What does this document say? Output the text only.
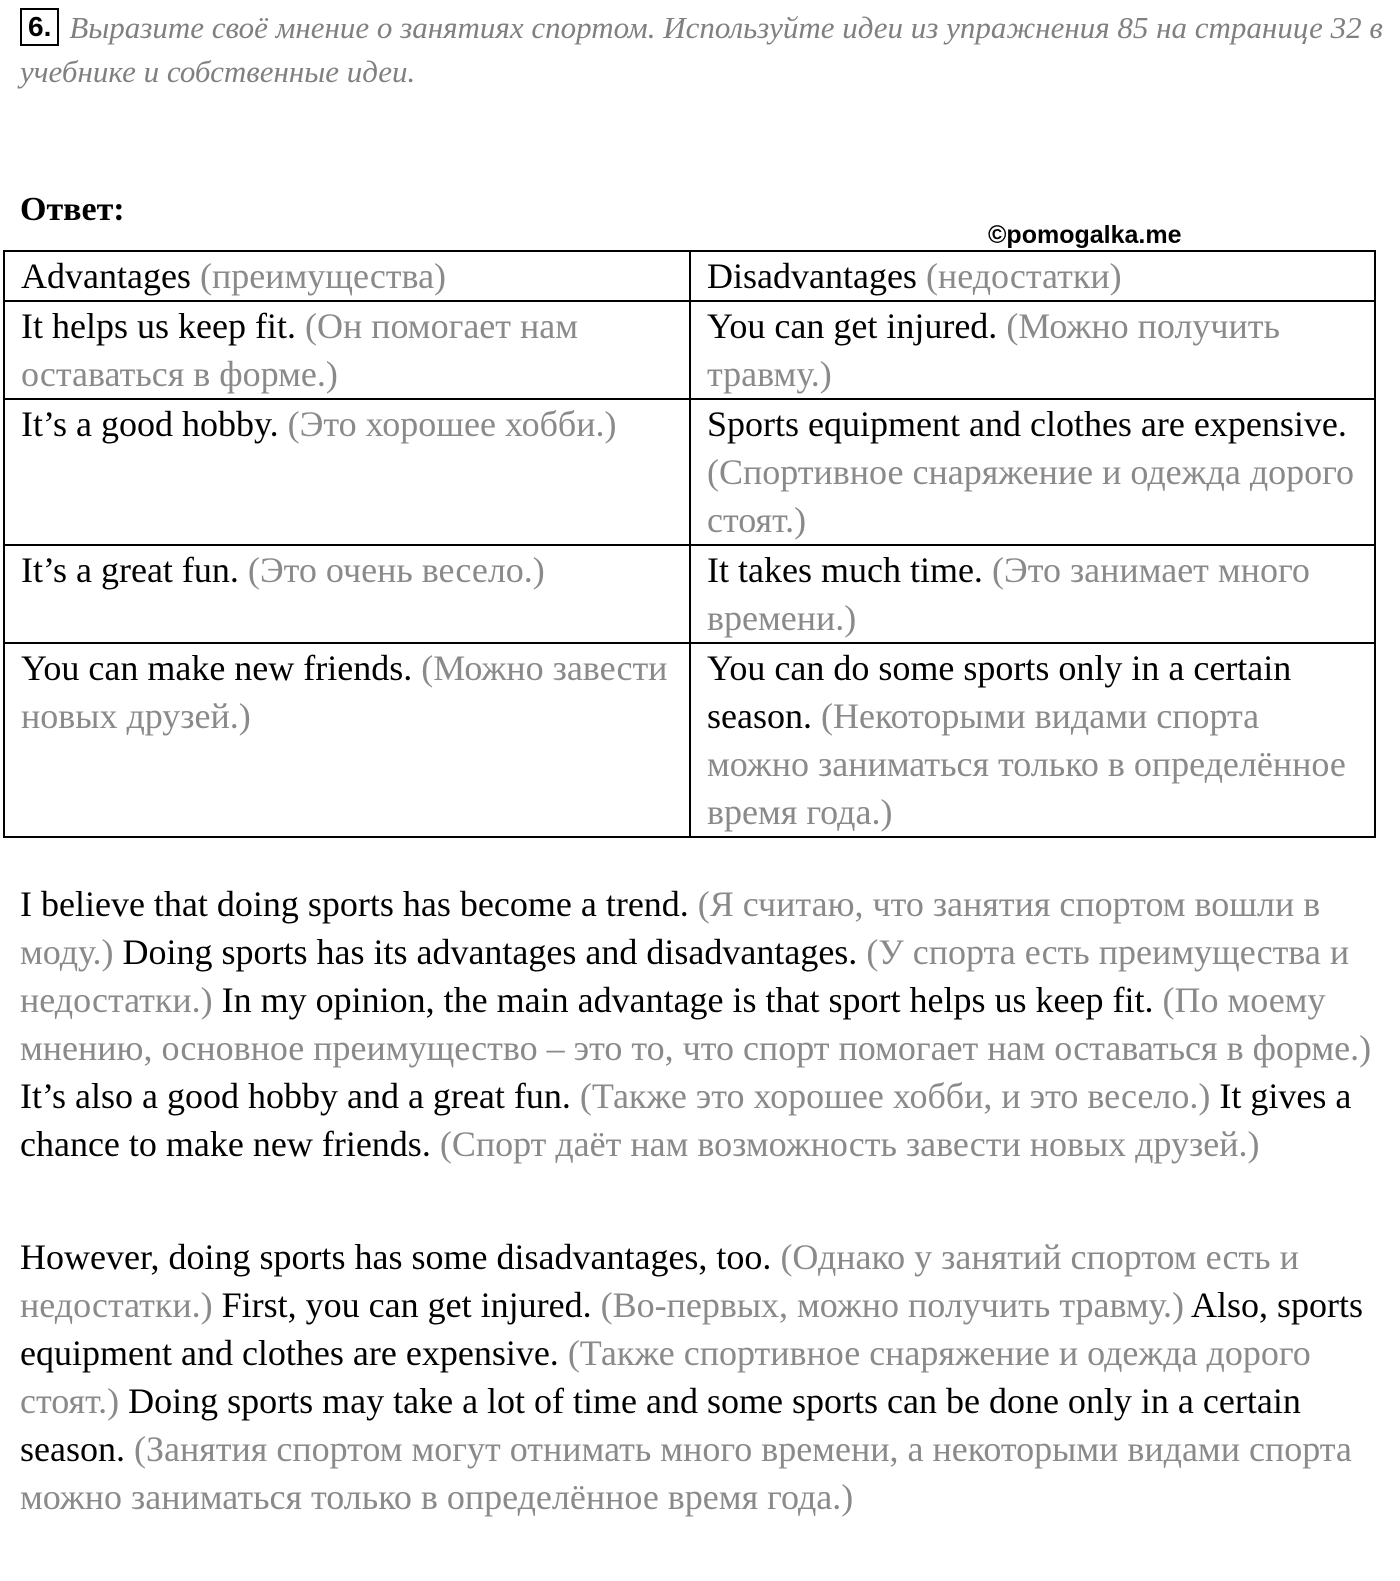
6. Выразите своё мнение о занятиях спортом. Используйте идеи из упражнения 85 на странице 32 в учебнике и собственные идеи.
Ответ:
©pomogalka.me
Advantages (преимущества)	Disadvantages (недостатки)
It helps us keep fit. (Он помогает нам оставаться в форме.)	You can get injured. (Можно получить травму.)
It’s a good hobby. (Это хорошее хобби.)	Sports equipment and clothes are expensive. (Спортивное снаряжение и одежда дорого стоят.)
It’s a great fun. (Это очень весело.)	It takes much time. (Это занимает много времени.)
You can make new friends. (Можно завести новых друзей.)	You can do some sports only in a certain season. (Некоторыми видами спорта можно заниматься только в определённое время года.)

I believe that doing sports has become a trend. (Я считаю, что занятия спортом вошли в моду.) Doing sports has its advantages and disadvantages. (У спорта есть преимущества и недостатки.) In my opinion, the main advantage is that sport helps us keep fit. (По моему мнению, основное преимущество – это то, что спорт помогает нам оставаться в форме.) It’s also a good hobby and a great fun. (Также это хорошее хобби, и это весело.) It gives a chance to make new friends. (Спорт даёт нам возможность завести новых друзей.)

However, doing sports has some disadvantages, too. (Однако у занятий спортом есть и недостатки.) First, you can get injured. (Во-первых, можно получить травму.) Also, sports equipment and clothes are expensive. (Также спортивное снаряжение и одежда дорого стоят.) Doing sports may take a lot of time and some sports can be done only in a certain season. (Занятия спортом могут отнимать много времени, а некоторыми видами спорта можно заниматься только в определённое время года.)
